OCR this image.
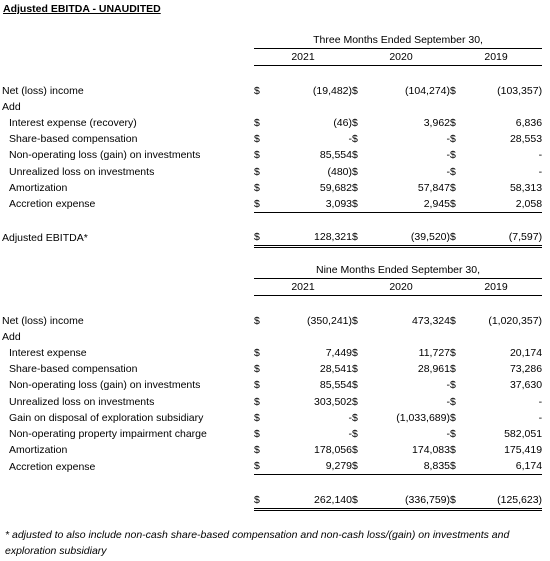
Adjusted EBITDA - UNAUDITED
	Three Months Ended September 30,					
	2021		2020		2019	

Net (loss) income	$	(19,482)	$	(104,274)	$	(103,357)
Add						
Interest expense (recovery)	$	(46)	$	3,962	$	6,836
Share-based compensation	$	-	$	-	$	28,553
Non-operating loss (gain) on investments	$	85,554	$	-	$	-
Unrealized loss on investments	$	(480)	$	-	$	-
Amortization	$	59,682	$	57,847	$	58,313
Accretion expense	$	3,093	$	2,945	$	2,058

Adjusted EBITDA*	$	128,321	$	(39,520)	$	(7,597)
	Nine Months Ended September 30,					
	2021		2020		2019	

Net (loss) income	$	(350,241)	$	473,324	$	(1,020,357)
Add						
Interest expense	$	7,449	$	11,727	$	20,174
Share-based compensation	$	28,541	$	28,961	$	73,286
Non-operating loss (gain) on investments	$	85,554	$	-	$	37,630
Unrealized loss on investments	$	303,502	$	-	$	-
Gain on disposal of exploration subsidiary	$	-	$	(1,033,689)	$	-
Non-operating property impairment charge	$	-	$	-	$	582,051
Amortization	$	178,056	$	174,083	$	175,419
Accretion expense	$	9,279	$	8,835	$	6,174

	$	262,140	$	(336,759)	$	(125,623)
* adjusted to also include non-cash share-based compensation and non-cash loss/(gain) on investments and exploration subsidiary
